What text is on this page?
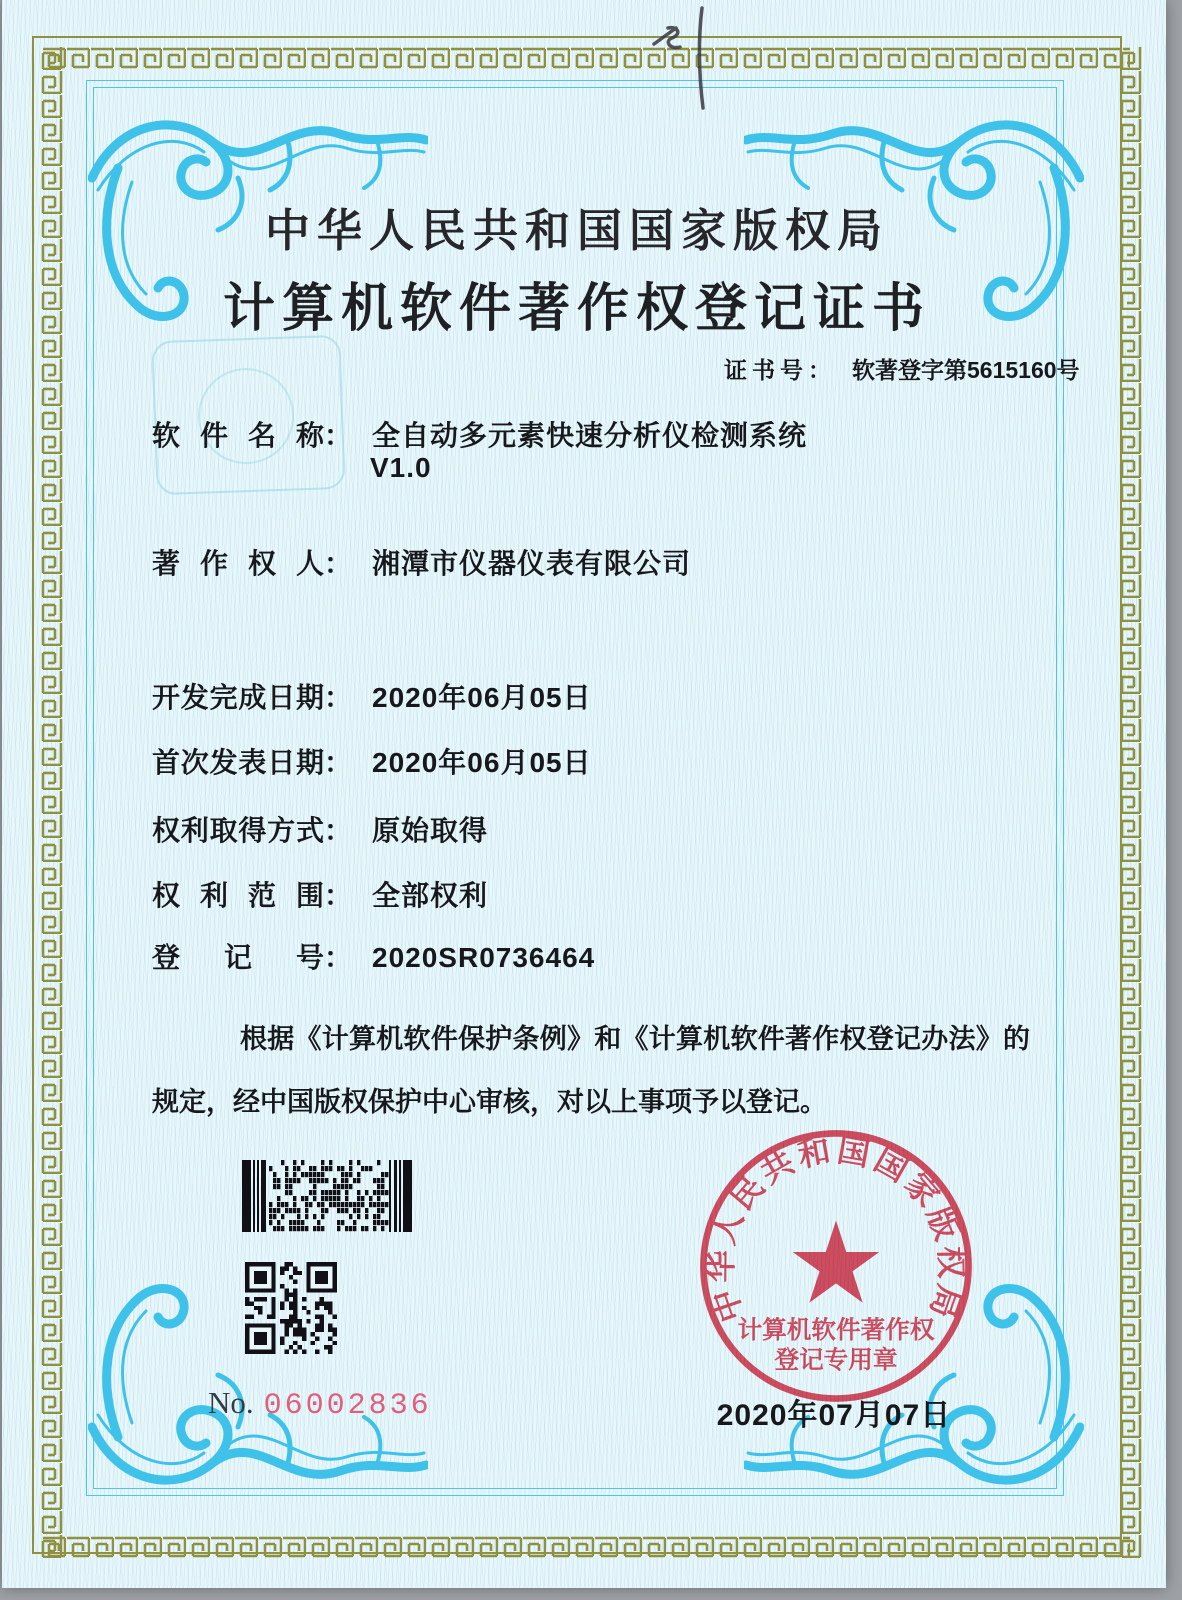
中华人民共和国国家版权局
计算机软件著作权登记证书
证书号： 软著登字第5615160号
软件名称： 全自动多元素快速分析仪检测系统
V1.0
著作权人： 湘潭市仪器仪表有限公司
开发完成日期： 2020年06月05日
首次发表日期： 2020年06月05日
权利取得方式： 原始取得
权利范围： 全部权利
登记号： 2020SR0736464
根据《计算机软件保护条例》和《计算机软件著作权登记办法》的规定，经中国版权保护中心审核，对以上事项予以登记。
No. 06002836
中华人民共和国国家版权局
计算机软件著作权
登记专用章
2020年07月07日
